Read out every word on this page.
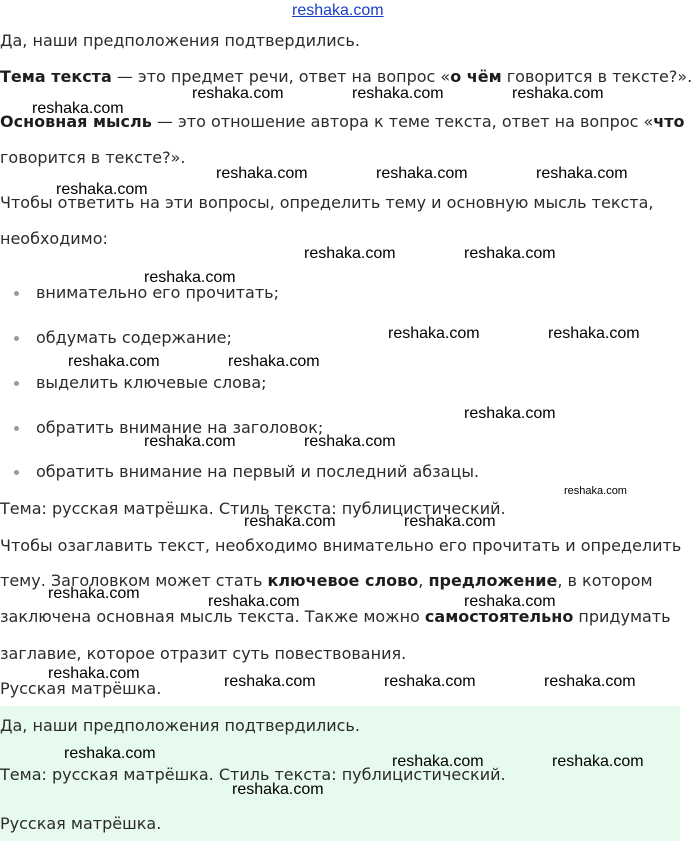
reshaka.com

Да, наши предположения подтвердились.

Тема текста — это предмет речи, ответ на вопрос «о чём говорится в тексте?».

Основная мысль — это отношение автора к теме текста, ответ на вопрос «что

говорится в тексте?».

Чтобы ответить на эти вопросы, определить тему и основную мысль текста,

необходимо:

внимательно его прочитать;

обдумать содержание;

выделить ключевые слова;

обратить внимание на заголовок;

обратить внимание на первый и последний абзацы.

Тема: русская матрёшка. Стиль текста: публицистический.

Чтобы озаглавить текст, необходимо внимательно его прочитать и определить

тему. Заголовком может стать ключевое слово, предложение, в котором

заключена основная мысль текста. Также можно самостоятельно придумать

заглавие, которое отразит суть повествования.

Русская матрёшка.

Да, наши предположения подтвердились.

Тема: русская матрёшка. Стиль текста: публицистический.

Русская матрёшка.

reshaka.com	reshaka.com	reshaka.com
reshaka.com
reshaka.com	reshaka.com	reshaka.com
reshaka.com
reshaka.com	reshaka.com
reshaka.com
reshaka.com	reshaka.com
reshaka.com	reshaka.com
reshaka.com
reshaka.com	reshaka.com
reshaka.com
reshaka.com	reshaka.com
reshaka.com	reshaka.com	reshaka.com
reshaka.com	reshaka.com	reshaka.com	reshaka.com
reshaka.com	reshaka.com	reshaka.com
reshaka.com
